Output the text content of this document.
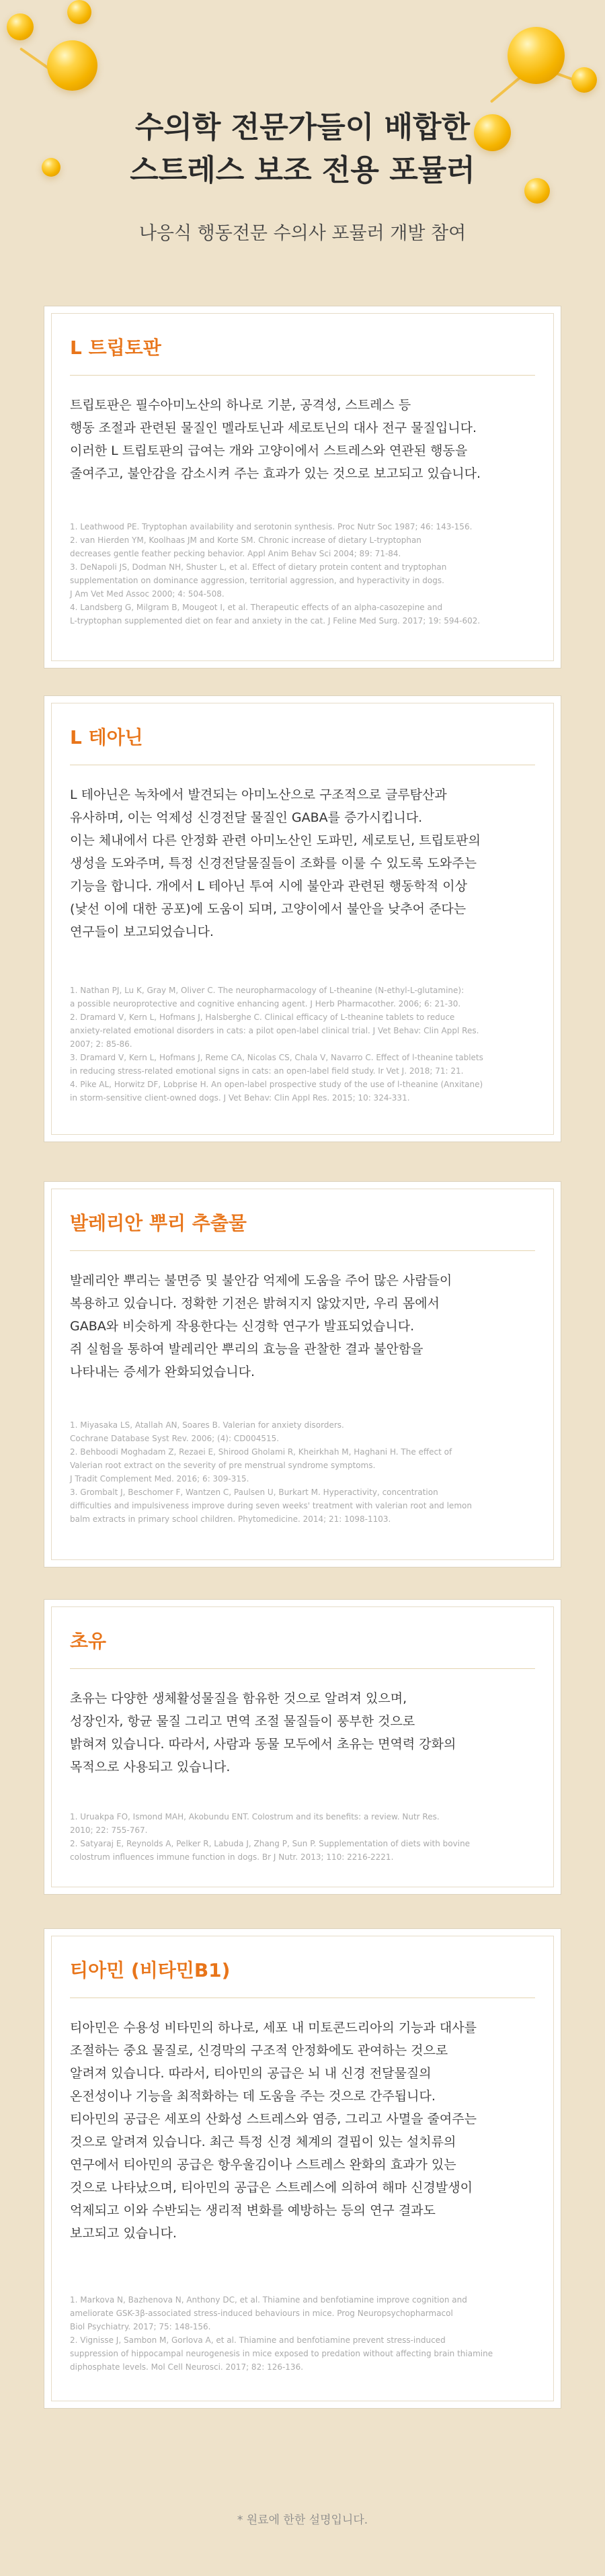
수의학 전문가들이 배합한
스트레스 보조 전용 포뮬러
나응식 행동전문 수의사 포뮬러 개발 참여
L 트립토판

트립토판은 필수아미노산의 하나로 기분, 공격성, 스트레스 등

행동 조절과 관련된 물질인 멜라토닌과 세로토닌의 대사 전구 물질입니다.

이러한 L 트립토판의 급여는 개와 고양이에서 스트레스와 연관된 행동을

줄여주고, 불안감을 감소시켜 주는 효과가 있는 것으로 보고되고 있습니다.

1. Leathwood PE. Tryptophan availability and serotonin synthesis. Proc Nutr Soc 1987; 46: 143-156.

2. van Hierden YM, Koolhaas JM and Korte SM. Chronic increase of dietary L-tryptophan

decreases gentle feather pecking behavior. Appl Anim Behav Sci 2004; 89: 71-84.

3. DeNapoli JS, Dodman NH, Shuster L, et al. Effect of dietary protein content and tryptophan

supplementation on dominance aggression, territorial aggression, and hyperactivity in dogs.

J Am Vet Med Assoc 2000; 4: 504-508.

4. Landsberg G, Milgram B, Mougeot I, et al. Therapeutic effects of an alpha-casozepine and

L-tryptophan supplemented diet on fear and anxiety in the cat. J Feline Med Surg. 2017; 19: 594-602.

L 테아닌

L 테아닌은 녹차에서 발견되는 아미노산으로 구조적으로 글루탐산과

유사하며, 이는 억제성 신경전달 물질인 GABA를 증가시킵니다.

이는 체내에서 다른 안정화 관련 아미노산인 도파민, 세로토닌, 트립토판의

생성을 도와주며, 특정 신경전달물질들이 조화를 이룰 수 있도록 도와주는

기능을 합니다. 개에서 L 테아닌 투여 시에 불안과 관련된 행동학적 이상

(낯선 이에 대한 공포)에 도움이 되며, 고양이에서 불안을 낮추어 준다는

연구들이 보고되었습니다.

1. Nathan PJ, Lu K, Gray M, Oliver C. The neuropharmacology of L-theanine (N-ethyl-L-glutamine):

a possible neuroprotective and cognitive enhancing agent. J Herb Pharmacother. 2006; 6: 21-30.

2. Dramard V, Kern L, Hofmans J, Halsberghe C. Clinical efficacy of L-theanine tablets to reduce

anxiety-related emotional disorders in cats: a pilot open-label clinical trial. J Vet Behav: Clin Appl Res.

2007; 2: 85-86.

3. Dramard V, Kern L, Hofmans J, Reme CA, Nicolas CS, Chala V, Navarro C. Effect of l-theanine tablets

in reducing stress-related emotional signs in cats: an open-label field study. Ir Vet J. 2018; 71: 21.

4. Pike AL, Horwitz DF, Lobprise H. An open-label prospective study of the use of l-theanine (Anxitane)

in storm-sensitive client-owned dogs. J Vet Behav: Clin Appl Res. 2015; 10: 324-331.

발레리안 뿌리 추출물

발레리안 뿌리는 불면증 및 불안감 억제에 도움을 주어 많은 사람들이

복용하고 있습니다. 정확한 기전은 밝혀지지 않았지만, 우리 몸에서

GABA와 비슷하게 작용한다는 신경학 연구가 발표되었습니다.

쥐 실험을 통하여 발레리안 뿌리의 효능을 관찰한 결과 불안함을

나타내는 증세가 완화되었습니다.

1. Miyasaka LS, Atallah AN, Soares B. Valerian for anxiety disorders.

Cochrane Database Syst Rev. 2006; (4): CD004515.

2. Behboodi Moghadam Z, Rezaei E, Shirood Gholami R, Kheirkhah M, Haghani H. The effect of

Valerian root extract on the severity of pre menstrual syndrome symptoms.

J Tradit Complement Med. 2016; 6: 309-315.

3. Grombalt J, Beschomer F, Wantzen C, Paulsen U, Burkart M. Hyperactivity, concentration

difficulties and impulsiveness improve during seven weeks' treatment with valerian root and lemon

balm extracts in primary school children. Phytomedicine. 2014; 21: 1098-1103.

초유

초유는 다양한 생체활성물질을 함유한 것으로 알려져 있으며,

성장인자, 항균 물질 그리고 면역 조절 물질들이 풍부한 것으로

밝혀져 있습니다. 따라서, 사람과 동물 모두에서 초유는 면역력 강화의

목적으로 사용되고 있습니다.

1. Uruakpa FO, Ismond MAH, Akobundu ENT. Colostrum and its benefits: a review. Nutr Res.

2010; 22: 755-767.

2. Satyaraj E, Reynolds A, Pelker R, Labuda J, Zhang P, Sun P. Supplementation of diets with bovine

colostrum influences immune function in dogs. Br J Nutr. 2013; 110: 2216-2221.

티아민 (비타민B1)

티아민은 수용성 비타민의 하나로, 세포 내 미토콘드리아의 기능과 대사를

조절하는 중요 물질로, 신경막의 구조적 안정화에도 관여하는 것으로

알려져 있습니다. 따라서, 티아민의 공급은 뇌 내 신경 전달물질의

온전성이나 기능을 최적화하는 데 도움을 주는 것으로 간주됩니다.

티아민의 공급은 세포의 산화성 스트레스와 염증, 그리고 사멸을 줄여주는

것으로 알려져 있습니다. 최근 특정 신경 체계의 결핍이 있는 설치류의

연구에서 티아민의 공급은 항우울김이나 스트레스 완화의 효과가 있는

것으로 나타났으며, 티아민의 공급은 스트레스에 의하여 해마 신경발생이

억제되고 이와 수반되는 생리적 변화를 예방하는 등의 연구 결과도

보고되고 있습니다.

1. Markova N, Bazhenova N, Anthony DC, et al. Thiamine and benfotiamine improve cognition and

ameliorate GSK-3β-associated stress-induced behaviours in mice. Prog Neuropsychopharmacol

Biol Psychiatry. 2017; 75: 148-156.

2. Vignisse J, Sambon M, Gorlova A, et al. Thiamine and benfotiamine prevent stress-induced

suppression of hippocampal neurogenesis in mice exposed to predation without affecting brain thiamine

diphosphate levels. Mol Cell Neurosci. 2017; 82: 126-136.

* 원료에 한한 설명입니다.
